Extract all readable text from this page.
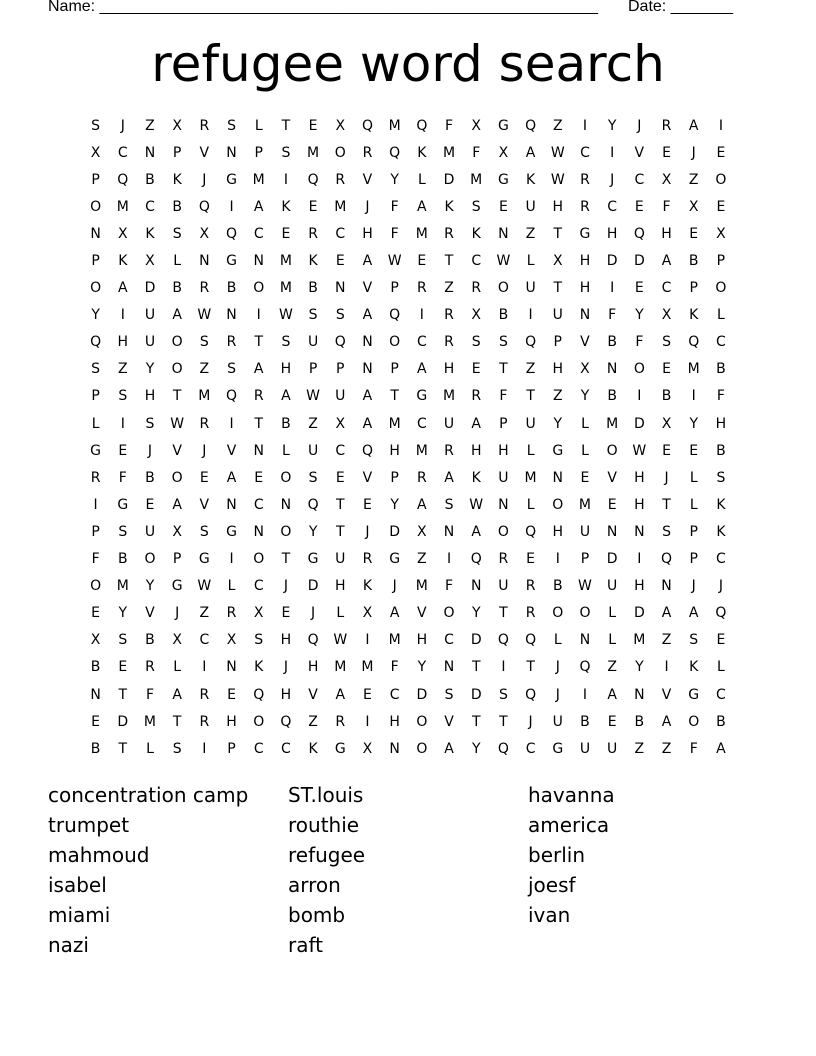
Name: ________________________________________________________

Date: _______

refugee word search
S	J	Z	X	R	S	L	T	E	X	Q	M	Q	F	X	G	Q	Z	I	Y	J	R	A	I
X	C	N	P	V	N	P	S	M	O	R	Q	K	M	F	X	A	W	C	I	V	E	J	E
P	Q	B	K	J	G	M	I	Q	R	V	Y	L	D	M	G	K	W	R	J	C	X	Z	O
O	M	C	B	Q	I	A	K	E	M	J	F	A	K	S	E	U	H	R	C	E	F	X	E
N	X	K	S	X	Q	C	E	R	C	H	F	M	R	K	N	Z	T	G	H	Q	H	E	X
P	K	X	L	N	G	N	M	K	E	A	W	E	T	C	W	L	X	H	D	D	A	B	P
O	A	D	B	R	B	O	M	B	N	V	P	R	Z	R	O	U	T	H	I	E	C	P	O
Y	I	U	A	W	N	I	W	S	S	A	Q	I	R	X	B	I	U	N	F	Y	X	K	L
Q	H	U	O	S	R	T	S	U	Q	N	O	C	R	S	S	Q	P	V	B	F	S	Q	C
S	Z	Y	O	Z	S	A	H	P	P	N	P	A	H	E	T	Z	H	X	N	O	E	M	B
P	S	H	T	M	Q	R	A	W	U	A	T	G	M	R	F	T	Z	Y	B	I	B	I	F
L	I	S	W	R	I	T	B	Z	X	A	M	C	U	A	P	U	Y	L	M	D	X	Y	H
G	E	J	V	J	V	N	L	U	C	Q	H	M	R	H	H	L	G	L	O	W	E	E	B
R	F	B	O	E	A	E	O	S	E	V	P	R	A	K	U	M	N	E	V	H	J	L	S
I	G	E	A	V	N	C	N	Q	T	E	Y	A	S	W	N	L	O	M	E	H	T	L	K
P	S	U	X	S	G	N	O	Y	T	J	D	X	N	A	O	Q	H	U	N	N	S	P	K
F	B	O	P	G	I	O	T	G	U	R	G	Z	I	Q	R	E	I	P	D	I	Q	P	C
O	M	Y	G	W	L	C	J	D	H	K	J	M	F	N	U	R	B	W	U	H	N	J	J
E	Y	V	J	Z	R	X	E	J	L	X	A	V	O	Y	T	R	O	O	L	D	A	A	Q
X	S	B	X	C	X	S	H	Q	W	I	M	H	C	D	Q	Q	L	N	L	M	Z	S	E
B	E	R	L	I	N	K	J	H	M	M	F	Y	N	T	I	T	J	Q	Z	Y	I	K	L
N	T	F	A	R	E	Q	H	V	A	E	C	D	S	D	S	Q	J	I	A	N	V	G	C
E	D	M	T	R	H	O	Q	Z	R	I	H	O	V	T	T	J	U	B	E	B	A	O	B
B	T	L	S	I	P	C	C	K	G	X	N	O	A	Y	Q	C	G	U	U	Z	Z	F	A
concentration camp
trumpet
mahmoud
isabel
miami
nazi
ST.louis
routhie
refugee
arron
bomb
raft
havanna
america
berlin
joesf
ivan
